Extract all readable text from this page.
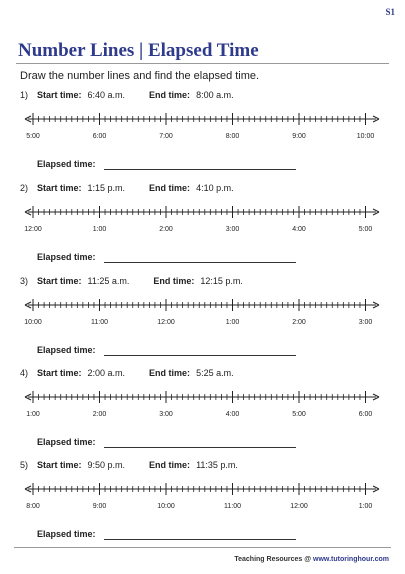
S1
Number Lines | Elapsed Time
Draw the number lines and find the elapsed time.
1) Start time: 6:40 a.m.	End time: 8:00 a.m.
Elapsed time:
5:00	6:00	7:00	8:00	9:00	10:00
2) Start time: 1:15 p.m.	End time: 4:10 p.m.
Elapsed time:
12:00	1:00	2:00	3:00	4:00	5:00
3) Start time: 11:25 a.m.	End time: 12:15 p.m.
Elapsed time:
10:00	11:00	12:00	1:00	2:00	3:00
4) Start time: 2:00 a.m.	End time: 5:25 a.m.
Elapsed time:
1:00	2:00	3:00	4:00	5:00	6:00
5) Start time: 9:50 p.m.	End time: 11:35 p.m.
Elapsed time:
8:00	9:00	10:00	11:00	12:00	1:00
Teaching Resources @ www.tutoringhour.com
